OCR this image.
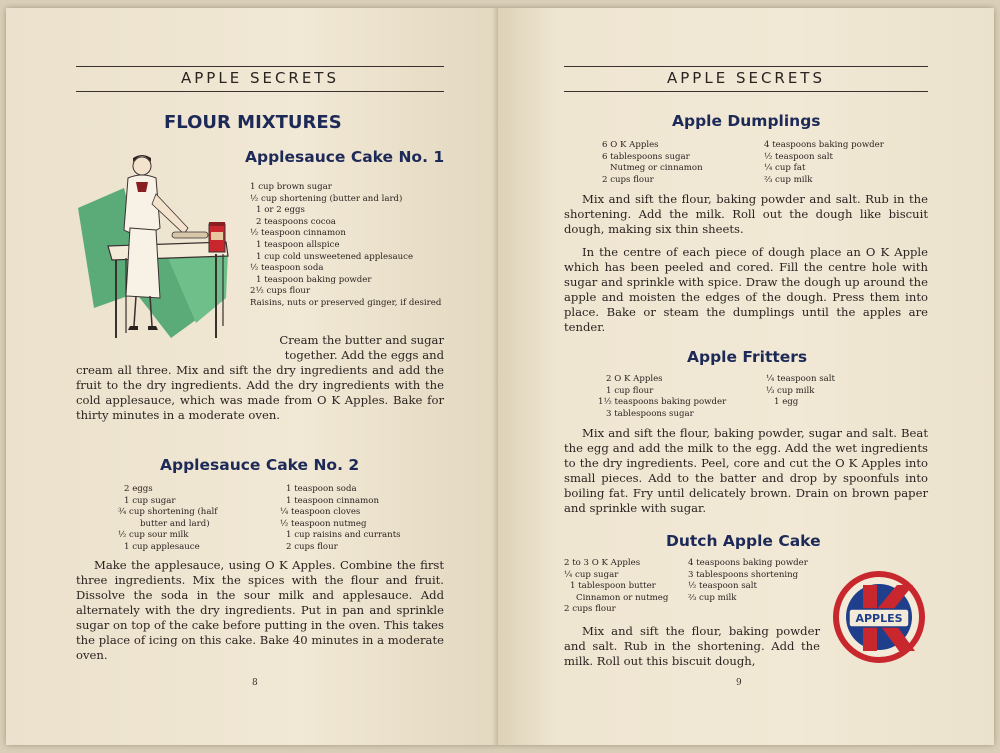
APPLE SECRETS
FLOUR MIXTURES
Applesauce Cake No. 1
1 cup brown sugar
½ cup shortening (butter and lard)
1 or 2 eggs
2 teaspoons cocoa
½ teaspoon cinnamon
1 teaspoon allspice
1 cup cold unsweetened applesauce
½ teaspoon soda
1 teaspoon baking powder
2½ cups flour
Raisins, nuts or preserved ginger, if desired
Cream the butter and sugar
together. Add the eggs and
cream all three. Mix and sift the dry ingredients and add the fruit to the dry ingredients. Add the dry ingredients with the cold applesauce, which was made from O K Apples. Bake for thirty minutes in a moderate oven.
Applesauce Cake No. 2
2 eggs
1 cup sugar
¾ cup shortening (half
butter and lard)
½ cup sour milk
1 cup applesauce
1 teaspoon soda
1 teaspoon cinnamon
¼ teaspoon cloves
½ teaspoon nutmeg
1 cup raisins and currants
2 cups flour

Make the applesauce, using O K Apples. Combine the first three ingredients. Mix the spices with the flour and fruit. Dissolve the soda in the sour milk and applesauce. Add alternately with the dry ingredients. Put in pan and sprinkle sugar on top of the cake before putting in the oven. This takes the place of icing on this cake. Bake 40 minutes in a moderate oven.

8
APPLE SECRETS
Apple Dumplings
6 O K Apples
6 tablespoons sugar
Nutmeg or cinnamon
2 cups flour
4 teaspoons baking powder
½ teaspoon salt
¼ cup fat
⅔ cup milk

Mix and sift the flour, baking powder and salt. Rub in the shortening. Add the milk. Roll out the dough like biscuit dough, making six thin sheets.

In the centre of each piece of dough place an O K Apple which has been peeled and cored. Fill the centre hole with sugar and sprinkle with spice. Draw the dough up around the apple and moisten the edges of the dough. Press them into place. Bake or steam the dumplings until the apples are tender.

Apple Fritters
2 O K Apples
1 cup flour
1½ teaspoons baking powder
3 tablespoons sugar
¼ teaspoon salt
⅓ cup milk
1 egg

Mix and sift the flour, baking powder, sugar and salt. Beat the egg and add the milk to the egg. Add the wet ingredients to the dry ingredients. Peel, core and cut the O K Apples into small pieces. Add to the batter and drop by spoonfuls into boiling fat. Fry until delicately brown. Drain on brown paper and sprinkle with sugar.

Dutch Apple Cake
2 to 3 O K Apples
¼ cup sugar
1 tablespoon butter
Cinnamon or nutmeg
2 cups flour
4 teaspoons baking powder
3 tablespoons shortening
½ teaspoon salt
⅔ cup milk

Mix and sift the flour, baking powder and salt. Rub in the shortening. Add the milk. Roll out this biscuit dough,

9
APPLES
